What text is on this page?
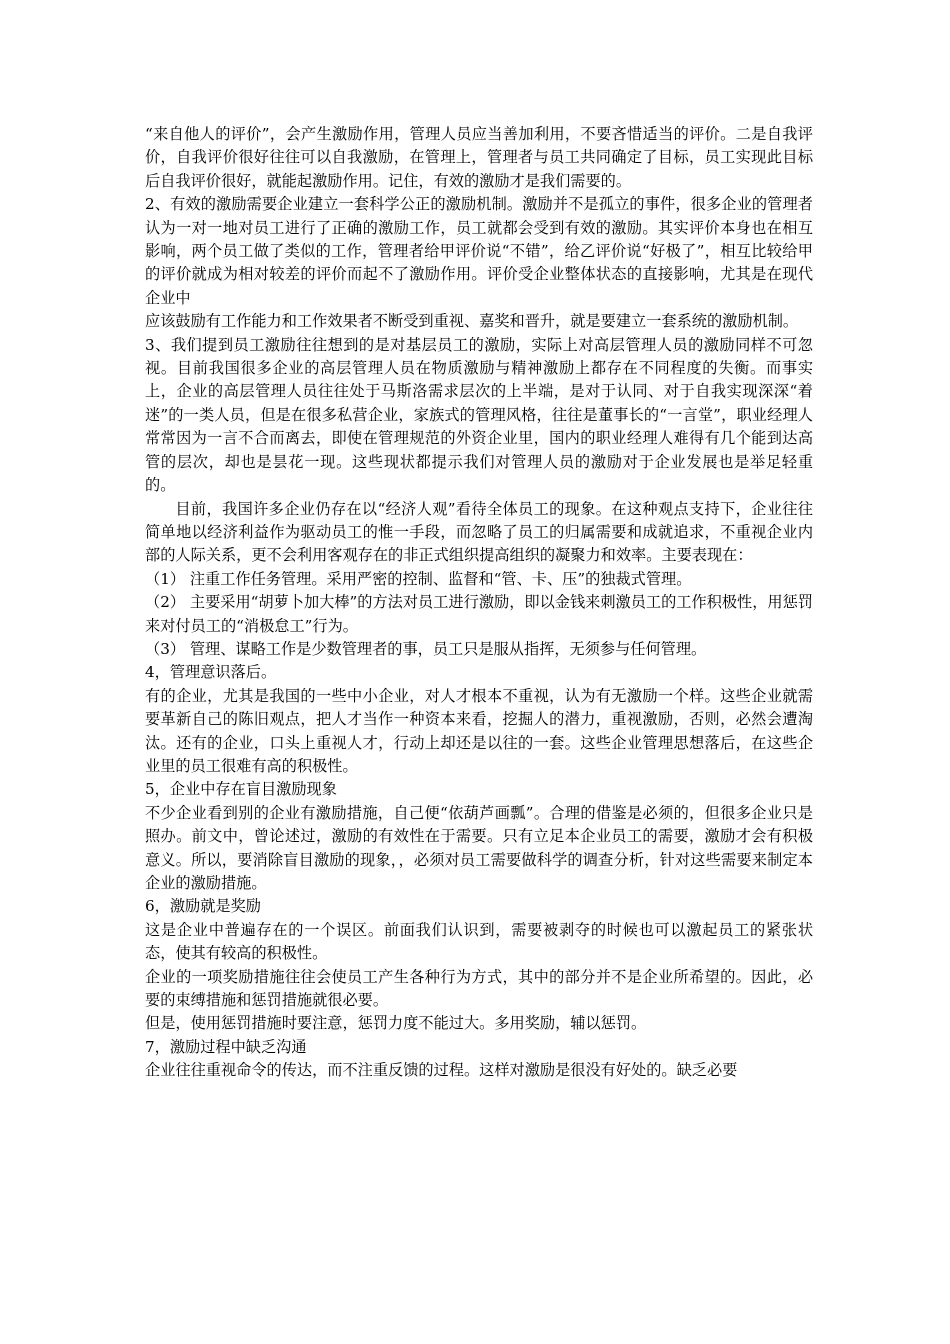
“来自他人的评价”，会产生激励作用，管理人员应当善加利用，不要吝惜适当的评价。二是自我评价，自我评价很好往往可以自我激励，在管理上，管理者与员工共同确定了目标，员工实现此目标后自我评价很好，就能起激励作用。记住，有效的激励才是我们需要的。

2、有效的激励需要企业建立一套科学公正的激励机制。激励并不是孤立的事件，很多企业的管理者认为一对一地对员工进行了正确的激励工作，员工就都会受到有效的激励。其实评价本身也在相互影响，两个员工做了类似的工作，管理者给甲评价说“不错”，给乙评价说“好极了”，相互比较给甲的评价就成为相对较差的评价而起不了激励作用。评价受企业整体状态的直接影响，尤其是在现代企业中

应该鼓励有工作能力和工作效果者不断受到重视、嘉奖和晋升，就是要建立一套系统的激励机制。

3、我们提到员工激励往往想到的是对基层员工的激励，实际上对高层管理人员的激励同样不可忽视。目前我国很多企业的高层管理人员在物质激励与精神激励上都存在不同程度的失衡。而事实上，企业的高层管理人员往往处于马斯洛需求层次的上半端，是对于认同、对于自我实现深深“着迷”的一类人员，但是在很多私营企业，家族式的管理风格，往往是董事长的“一言堂”，职业经理人常常因为一言不合而离去，即使在管理规范的外资企业里，国内的职业经理人难得有几个能到达高管的层次，却也是昙花一现。这些现状都提示我们对管理人员的激励对于企业发展也是举足轻重的。

目前，我国许多企业仍存在以“经济人观”看待全体员工的现象。在这种观点支持下，企业往往简单地以经济利益作为驱动员工的惟一手段，而忽略了员工的归属需要和成就追求，不重视企业内部的人际关系，更不会利用客观存在的非正式组织提高组织的凝聚力和效率。主要表现在：

（1） 注重工作任务管理。采用严密的控制、监督和“管、卡、压”的独裁式管理。

（2） 主要采用“胡萝卜加大棒”的方法对员工进行激励，即以金钱来刺激员工的工作积极性，用惩罚来对付员工的“消极怠工”行为。

（3） 管理、谋略工作是少数管理者的事，员工只是服从指挥，无须参与任何管理。

4，管理意识落后。

有的企业，尤其是我国的一些中小企业，对人才根本不重视，认为有无激励一个样。这些企业就需要革新自己的陈旧观点，把人才当作一种资本来看，挖掘人的潜力，重视激励，否则，必然会遭淘汰。还有的企业，口头上重视人才，行动上却还是以往的一套。这些企业管理思想落后，在这些企业里的员工很难有高的积极性。

5，企业中存在盲目激励现象

不少企业看到别的企业有激励措施，自己便“依葫芦画瓢”。合理的借鉴是必须的，但很多企业只是照办。前文中，曾论述过，激励的有效性在于需要。只有立足本企业员工的需要，激励才会有积极意义。所以，要消除盲目激励的现象，，必须对员工需要做科学的调查分析，针对这些需要来制定本企业的激励措施。

6，激励就是奖励

这是企业中普遍存在的一个误区。前面我们认识到，需要被剥夺的时候也可以激起员工的紧张状态，使其有较高的积极性。

企业的一项奖励措施往往会使员工产生各种行为方式，其中的部分并不是企业所希望的。因此，必要的束缚措施和惩罚措施就很必要。

但是，使用惩罚措施时要注意，惩罚力度不能过大。多用奖励，辅以惩罚。

7，激励过程中缺乏沟通

企业往往重视命令的传达，而不注重反馈的过程。这样对激励是很没有好处的。缺乏必要
